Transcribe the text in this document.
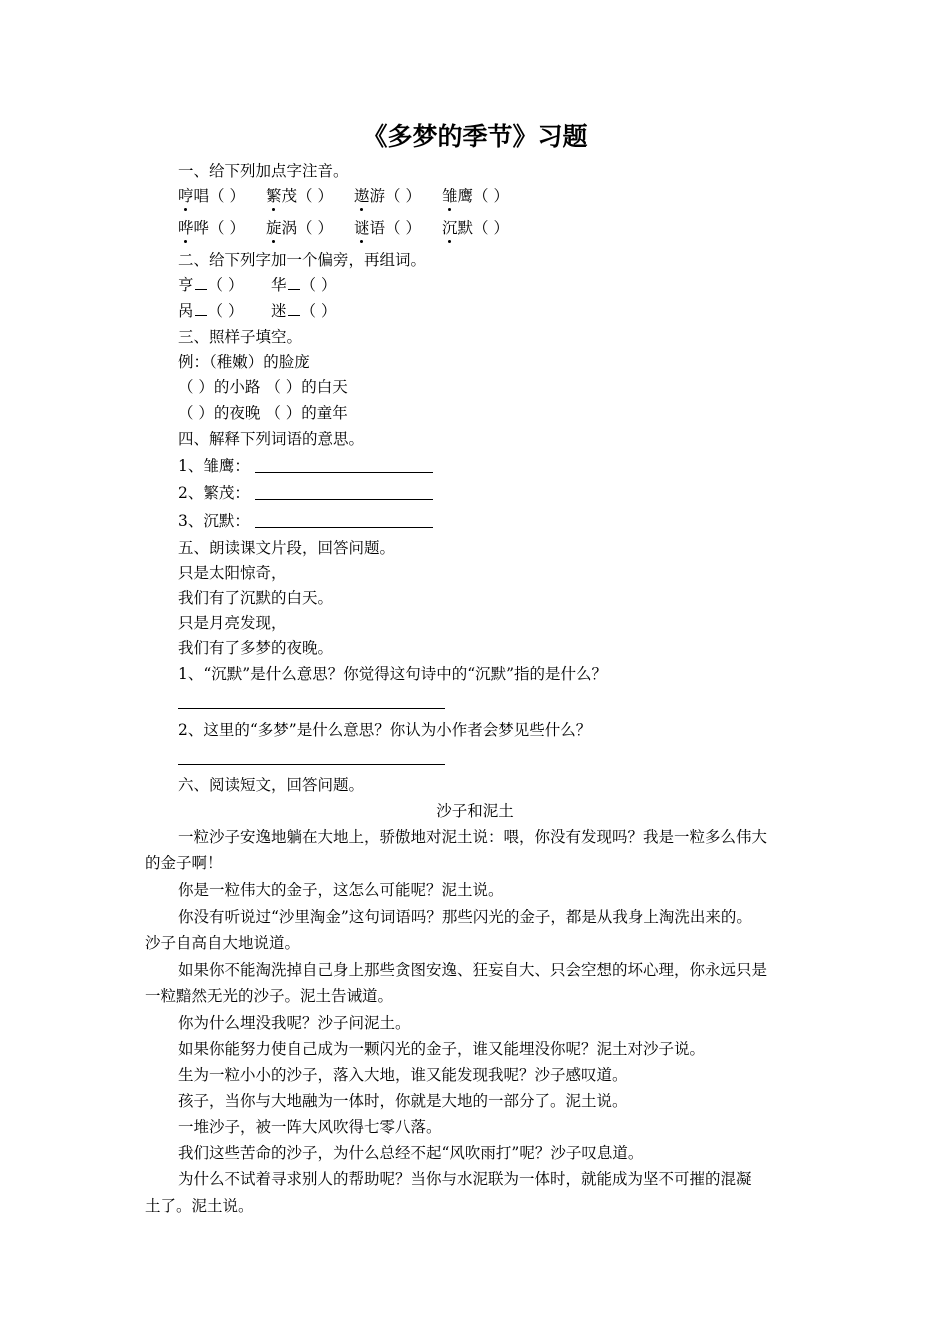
《多梦的季节》习题

一、给下列加点字注音。

哼唱（ ） 繁茂（ ） 遨游（ ） 雏鹰（ ）
哗哗（ ） 旋涡（ ） 谜语（ ） 沉默（ ）

二、给下列字加一个偏旁，再组词。

亨 （ ） 华 （ ）
呙 （ ） 迷 （ ）

三、照样子填空。

例：（稚嫩）的脸庞

（ ）的小路 （ ）的白天

（ ）的夜晚 （ ）的童年

四、解释下列词语的意思。

1、雏鹰：

2、繁茂：

3、沉默：

五、朗读课文片段，回答问题。

只是太阳惊奇，

我们有了沉默的白天。

只是月亮发现，

我们有了多梦的夜晚。

1、“沉默”是什么意思？你觉得这句诗中的“沉默”指的是什么？

2、这里的“多梦”是什么意思？你认为小作者会梦见些什么？

六、阅读短文，回答问题。

沙子和泥土

一粒沙子安逸地躺在大地上，骄傲地对泥土说：喂，你没有发现吗？我是一粒多么伟大

的金子啊！

你是一粒伟大的金子，这怎么可能呢？泥土说。

你没有听说过“沙里淘金”这句词语吗？那些闪光的金子，都是从我身上淘洗出来的。

沙子自高自大地说道。

如果你不能淘洗掉自己身上那些贪图安逸、狂妄自大、只会空想的坏心理，你永远只是

一粒黯然无光的沙子。泥土告诫道。

你为什么埋没我呢？沙子问泥土。

如果你能努力使自己成为一颗闪光的金子，谁又能埋没你呢？泥土对沙子说。

生为一粒小小的沙子，落入大地，谁又能发现我呢？沙子感叹道。

孩子，当你与大地融为一体时，你就是大地的一部分了。泥土说。

一堆沙子，被一阵大风吹得七零八落。

我们这些苦命的沙子，为什么总经不起“风吹雨打”呢？沙子叹息道。

为什么不试着寻求别人的帮助呢？当你与水泥联为一体时，就能成为坚不可摧的混凝

土了。泥土说。
